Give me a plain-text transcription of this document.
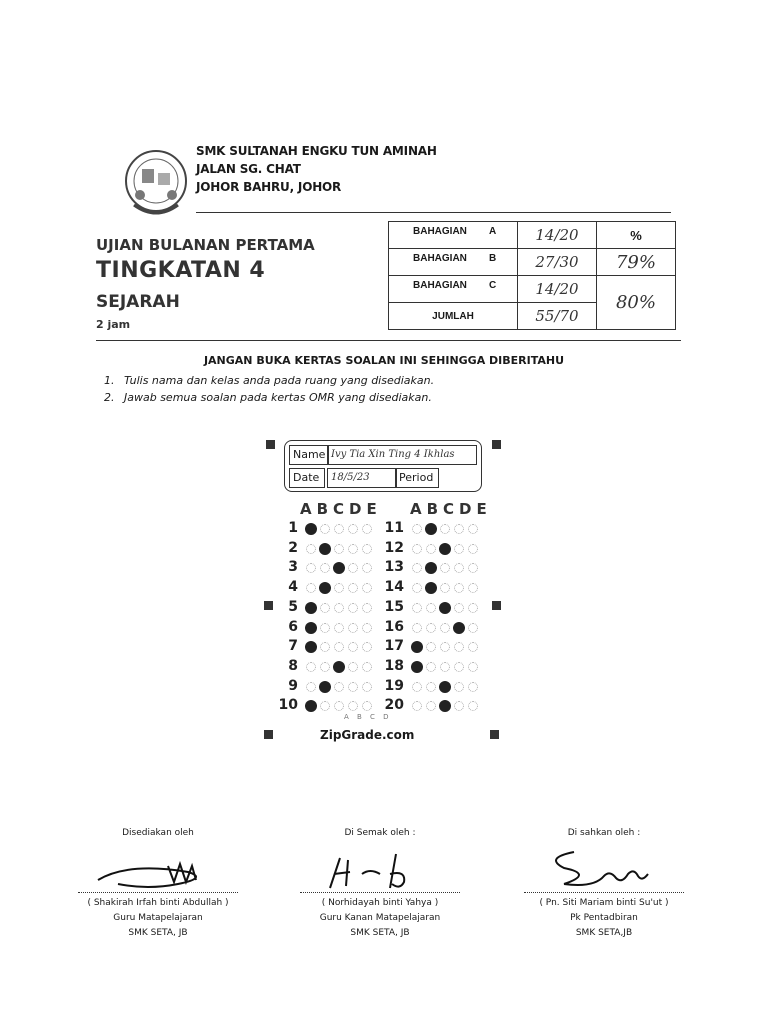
SMK SULTANAH ENGKU TUN AMINAH
JALAN SG. CHAT
JOHOR BAHRU, JOHOR
UJIAN BULANAN PERTAMA
TINGKATAN 4
SEJARAH
2 jam
BAHAGIAN A	14/20	%

BAHAGIAN B	27/30	79%

BAHAGIAN C	14/20	80%

JUMLAH	55/70	
JANGAN BUKA KERTAS SOALAN INI SEHINGGA DIBERITAHU
1. Tulis nama dan kelas anda pada ruang yang disediakan.
2. Jawab semua soalan pada kertas OMR yang disediakan.
Name Ivy Tia Xin Ting 4 Ikhlas
Date	18/5/23	Period
ABCDE ABCDE
1
2
3
4
5
6
7
8
9
10
11
12
13
14
15
16
17
18
19
20
A B C D
ZipGrade.com
Disediakan oleh
( Shakirah Irfah binti Abdullah )
Guru Matapelajaran
SMK SETA, JB
Di Semak oleh :
( Norhidayah binti Yahya )
Guru Kanan Matapelajaran
SMK SETA, JB
Di sahkan oleh :
( Pn. Siti Mariam binti Su'ut )
Pk Pentadbiran
SMK SETA,JB
